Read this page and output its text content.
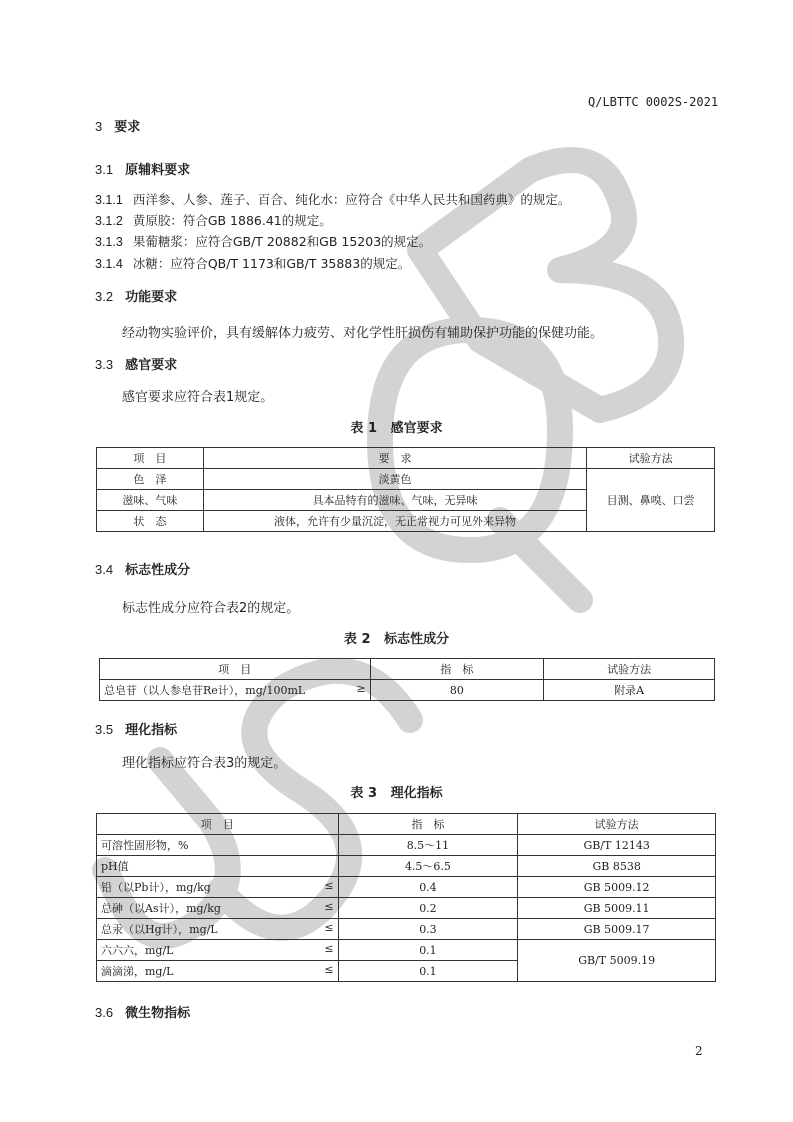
Q/LBTTC 0002S-2021
3 要求
3.1 原辅料要求
3.1.1 西洋参、人参、莲子、百合、纯化水：应符合《中华人民共和国药典》的规定。
3.1.2 黄原胶：符合GB 1886.41的规定。
3.1.3 果葡糖浆：应符合GB/T 20882和GB 15203的规定。
3.1.4 冰糖：应符合QB/T 1173和GB/T 35883的规定。
3.2 功能要求
经动物实验评价，具有缓解体力疲劳、对化学性肝损伤有辅助保护功能的保健功能。
3.3 感官要求
感官要求应符合表1规定。
表 1   感官要求
项　目	要　求	试验方法
色　泽	淡黄色	目测、鼻嗅、口尝
滋味、气味	具本品特有的滋味、气味，无异味	
状　态	液体，允许有少量沉淀，无正常视力可见外来异物	
3.4 标志性成分
标志性成分应符合表2的规定。
表 2   标志性成分
项　目	指　标	试验方法
总皂苷（以人参皂苷Re计），mg/100mL ≥	80	附录A
3.5 理化指标
理化指标应符合表3的规定。
表 3   理化指标
项　目	指　标	试验方法
可溶性固形物，%	8.5～11	GB/T 12143
pH值	4.5～6.5	GB 8538
铅（以Pb计），mg/kg ≤	0.4	GB 5009.12
总砷（以As计），mg/kg ≤	0.2	GB 5009.11
总汞（以Hg计），mg/L ≤	0.3	GB 5009.17
六六六，mg/L ≤	0.1	GB/T 5009.19
滴滴涕，mg/L ≤	0.1	
3.6 微生物指标
2
